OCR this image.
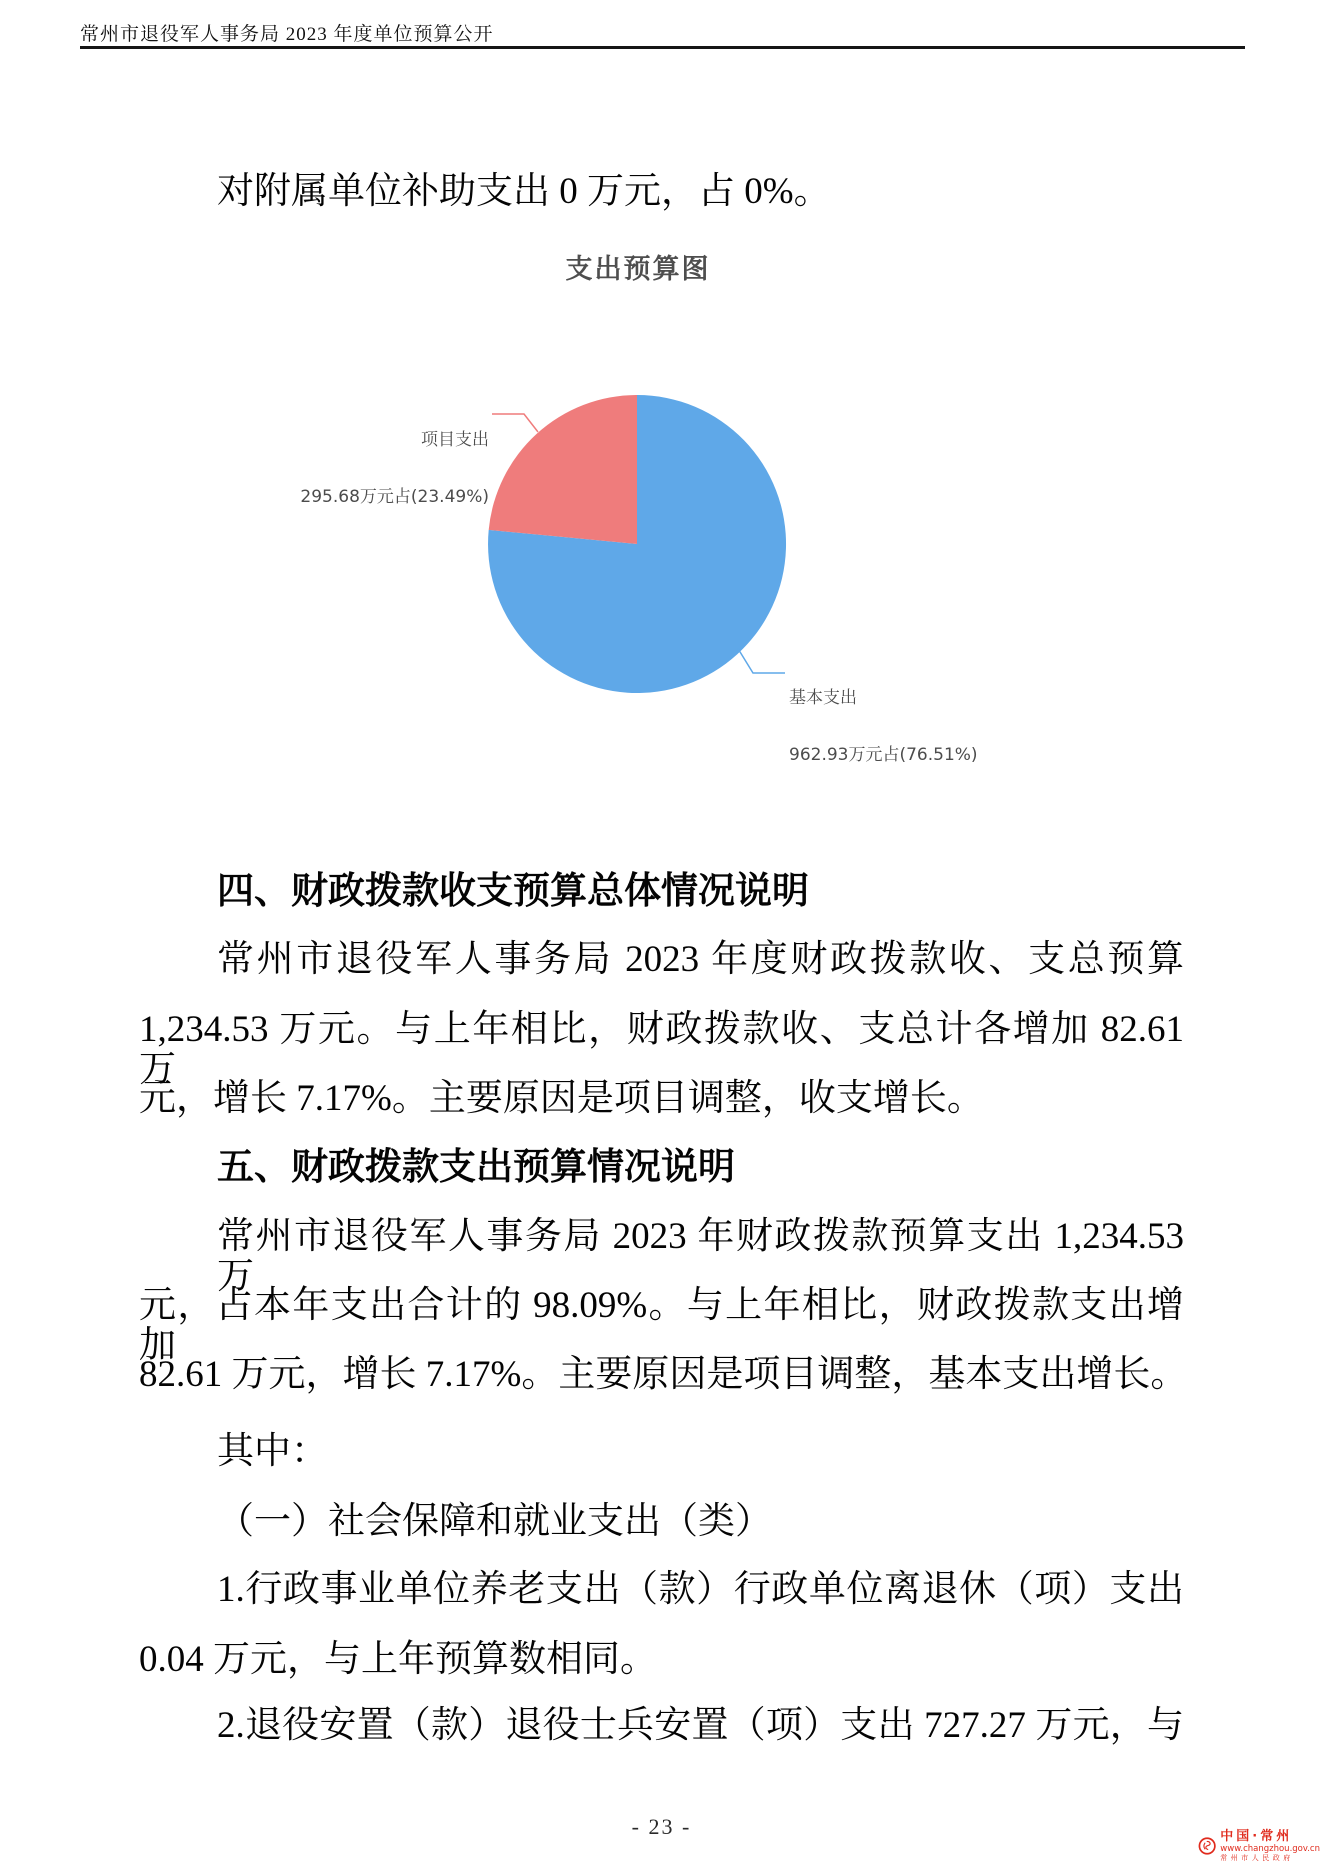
常州市退役军人事务局 2023 年度单位预算公开
对附属单位补助支出 0 万元，占 0%。
支出预算图

项目支出

295.68万元占(23.49%)

基本支出

962.93万元占(76.51%)

四、财政拨款收支预算总体情况说明
常州市退役军人事务局 2023 年度财政拨款收、支总预算
1,234.53 万元。与上年相比，财政拨款收、支总计各增加 82.61 万
元，增长 7.17%。主要原因是项目调整，收支增长。
五、财政拨款支出预算情况说明
常州市退役军人事务局 2023 年财政拨款预算支出 1,234.53 万
元，占本年支出合计的 98.09%。与上年相比，财政拨款支出增加
82.61 万元，增长 7.17%。主要原因是项目调整，基本支出增长。
其中：
（一）社会保障和就业支出（类）
1.行政事业单位养老支出（款）行政单位离退休（项）支出
0.04 万元，与上年预算数相同。
2.退役安置（款）退役士兵安置（项）支出 727.27 万元，与
- 23 -	中国·常州
www.changzhou.gov.cn
常州市人民政府
